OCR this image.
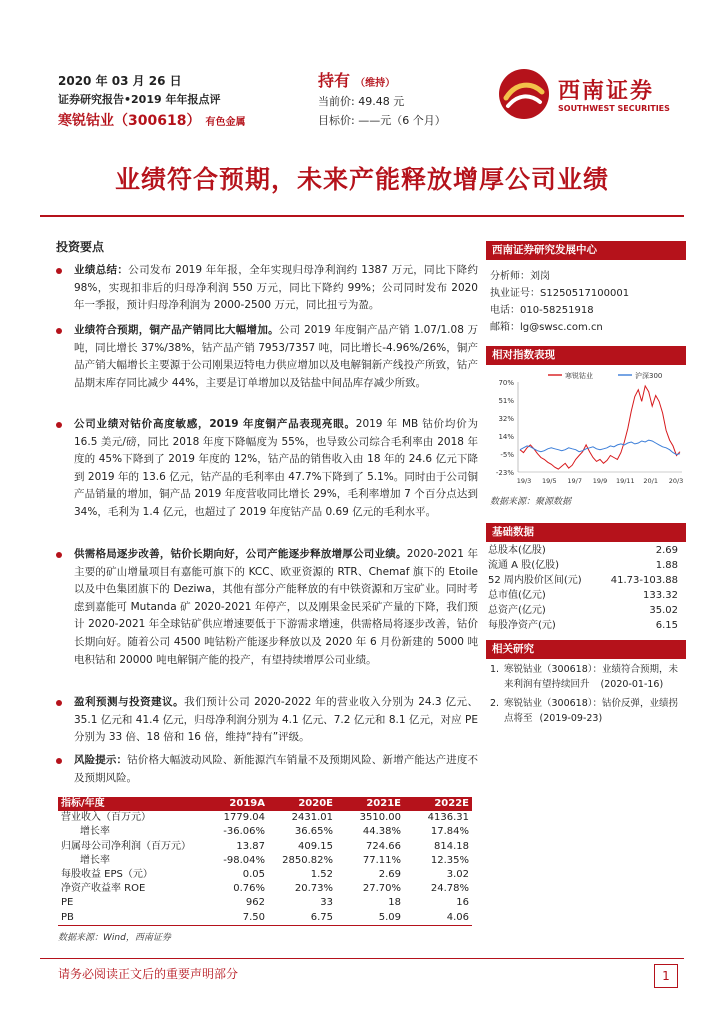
2020 年 03 月 26 日
证券研究报告•2019 年年报点评
寒锐钴业（300618） 有色金属
持有 （维持）
当前价: 49.48 元
目标价: ——元（6 个月）
西南证券
SOUTHWEST SECURITIES
业绩符合预期，未来产能释放增厚公司业绩
投资要点
业绩总结：公司发布 2019 年年报，全年实现归母净利润约 1387 万元，同比下降约 98%，实现扣非后的归母净利润 550 万元，同比下降约 99%；公司同时发布 2020 年一季报，预计归母净利润为 2000-2500 万元，同比扭亏为盈。
业绩符合预期，铜产品产销同比大幅增加。公司 2019 年度铜产品产销 1.07/1.08 万吨，同比增长 37%/38%，钴产品产销 7953/7357 吨，同比增长-4.96%/26%，铜产品产销大幅增长主要源于公司刚果迈特电力供应增加以及电解铜新产线投产所致，钴产品期末库存同比减少 44%，主要是订单增加以及钴盐中间品库存减少所致。
公司业绩对钴价高度敏感，2019 年度铜产品表现亮眼。2019 年 MB 钴价均价为 16.5 美元/磅，同比 2018 年度下降幅度为 55%，也导致公司综合毛利率由 2018 年度的 45%下降到了 2019 年度的 12%，钴产品的销售收入由 18 年的 24.6 亿元下降到 2019 年的 13.6 亿元，钴产品的毛利率由 47.7%下降到了 5.1%。同时由于公司铜产品销量的增加，铜产品 2019 年度营收同比增长 29%，毛利率增加 7 个百分点达到 34%，毛利为 1.4 亿元，也超过了 2019 年度钴产品 0.69 亿元的毛利水平。
供需格局逐步改善，钴价长期向好，公司产能逐步释放增厚公司业绩。2020-2021 年主要的矿山增量项目有嘉能可旗下的 KCC、欧亚资源的 RTR、Chemaf 旗下的 Etoile 以及中色集团旗下的 Deziwa，其他有部分产能释放的有中铁资源和万宝矿业。同时考虑到嘉能可 Mutanda 矿 2020-2021 年停产，以及刚果金民采矿产量的下降，我们预计 2020-2021 年全球钴矿供应增速要低于下游需求增速，供需格局将逐步改善，钴价长期向好。随着公司 4500 吨钴粉产能逐步释放以及 2020 年 6 月份新建的 5000 吨电积钴和 20000 吨电解铜产能的投产，有望持续增厚公司业绩。
盈利预测与投资建议。我们预计公司 2020-2022 年的营业收入分别为 24.3 亿元、35.1 亿元和 41.4 亿元，归母净利润分别为 4.1 亿元、7.2 亿元和 8.1 亿元，对应 PE 分别为 33 倍、18 倍和 16 倍，维持“持有”评级。
风险提示：钴价格大幅波动风险、新能源汽车销量不及预期风险、新增产能达产进度不及预期风险。
指标/年度	2019A	2020E	2021E	2022E
营业收入（百万元）	1779.04	2431.01	3510.00	4136.31
增长率	-36.06%	36.65%	44.38%	17.84%
归属母公司净利润（百万元）	13.87	409.15	724.66	814.18
增长率	-98.04%	2850.82%	77.11%	12.35%
每股收益 EPS（元）	0.05	1.52	2.69	3.02
净资产收益率 ROE	0.76%	20.73%	27.70%	24.78%
PE	962	33	18	16
PB	7.50	6.75	5.09	4.06
数据来源：Wind，西南证券
西南证券研究发展中心
分析师：刘岗
执业证号：S1250517100001
电话：010-58251918
邮箱：lg@swsc.com.cn
相对指数表现
70%
51%
32%
14%
-5%
-23%
19/3 19/5 19/7 19/9 19/11 20/1 20/3
寒锐钴业	沪深300
数据来源：聚源数据
基础数据
总股本(亿股)	2.69
流通 A 股(亿股)	1.88
52 周内股价区间(元)	41.73-103.88
总市值(亿元)	133.32
总资产(亿元)	35.02
每股净资产(元)	6.15
相关研究
1. 寒锐钴业（300618）：业绩符合预期，未来利润有望持续回升 (2020-01-16)
2. 寒锐钴业（300618）：钴价反弹，业绩拐点将至 (2019-09-23)
请务必阅读正文后的重要声明部分	1
